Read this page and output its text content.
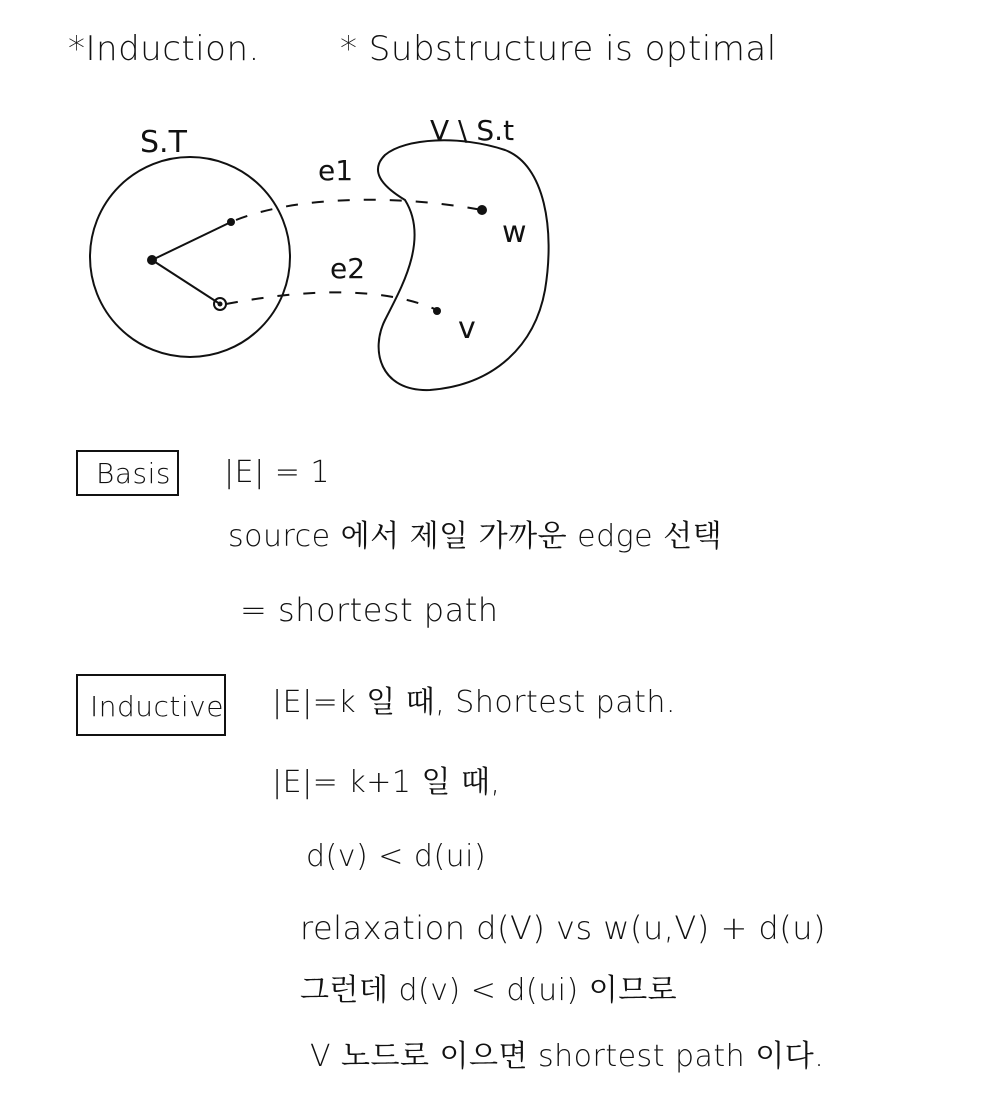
*Induction. * Substructure is optimal
S.T	V \ S.t
e1
e2
w
v
Basis |E| = 1
source 에서 제일 가까운 edge 선택
= shortest path
Inductive |E|=k 일 때, Shortest path.
|E|= k+1 일 때,
d(v) < d(ui)
relaxation d(V) vs w(u,V) + d(u)
그런데 d(v) < d(ui) 이므로
V 노드로 이으면 shortest path 이다.
